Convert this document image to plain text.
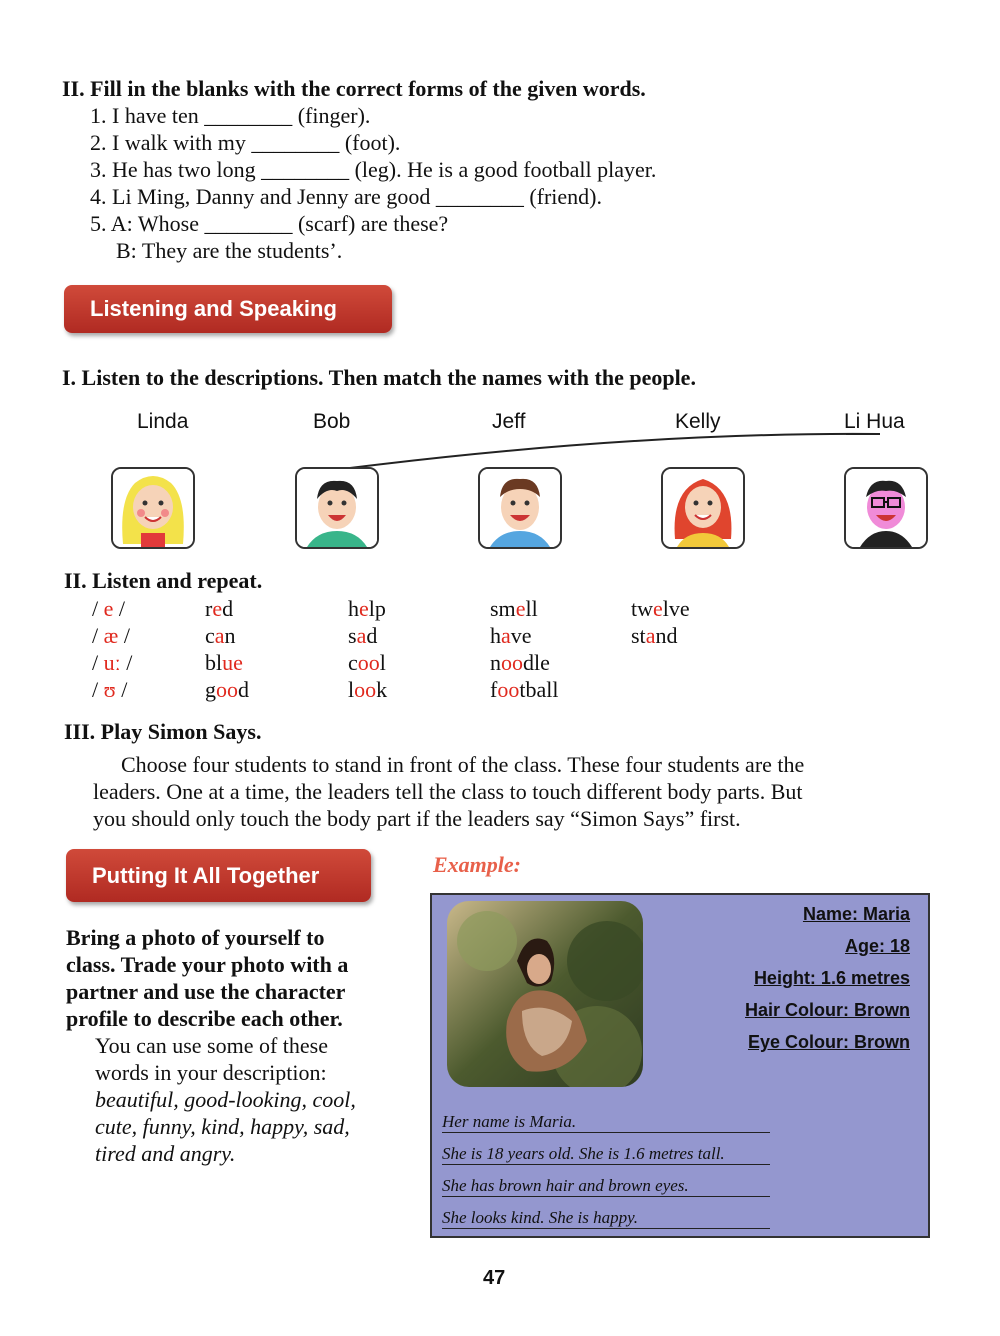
II. Fill in the blanks with the correct forms of the given words.
1. I have ten ________ (finger).
2. I walk with my ________ (foot).
3. He has two long ________ (leg). He is a good football player.
4. Li Ming, Danny and Jenny are good ________ (friend).
5. A: Whose ________ (scarf) are these?
B: They are the students’.
Listening and Speaking
I. Listen to the descriptions. Then match the names with the people.
Linda	Bob	Jeff	Kelly	Li Hua
II. Listen and repeat.
/ e /	red	help	smell	twelve
/ æ /	can	sad	have	stand
/ uː /	blue	cool	noodle
/ ʊ /	good	look	football
III. Play Simon Says.
Choose four students to stand in front of the class. These four students are the
leaders. One at a time, the leaders tell the class to touch different body parts. But
you should only touch the body part if the leaders say “Simon Says” first.
Putting It All Together
Bring a photo of yourself to
class. Trade your photo with a
partner and use the character
profile to describe each other.
You can use some of these
words in your description:
beautiful, good-looking, cool,
cute, funny, kind, happy, sad,
tired and angry.
Example:
Name: Maria
Age: 18
Height: 1.6 metres
Hair Colour: Brown
Eye Colour: Brown
Her name is Maria.
She is 18 years old. She is 1.6 metres tall.
She has brown hair and brown eyes.
She looks kind. She is happy.
47
